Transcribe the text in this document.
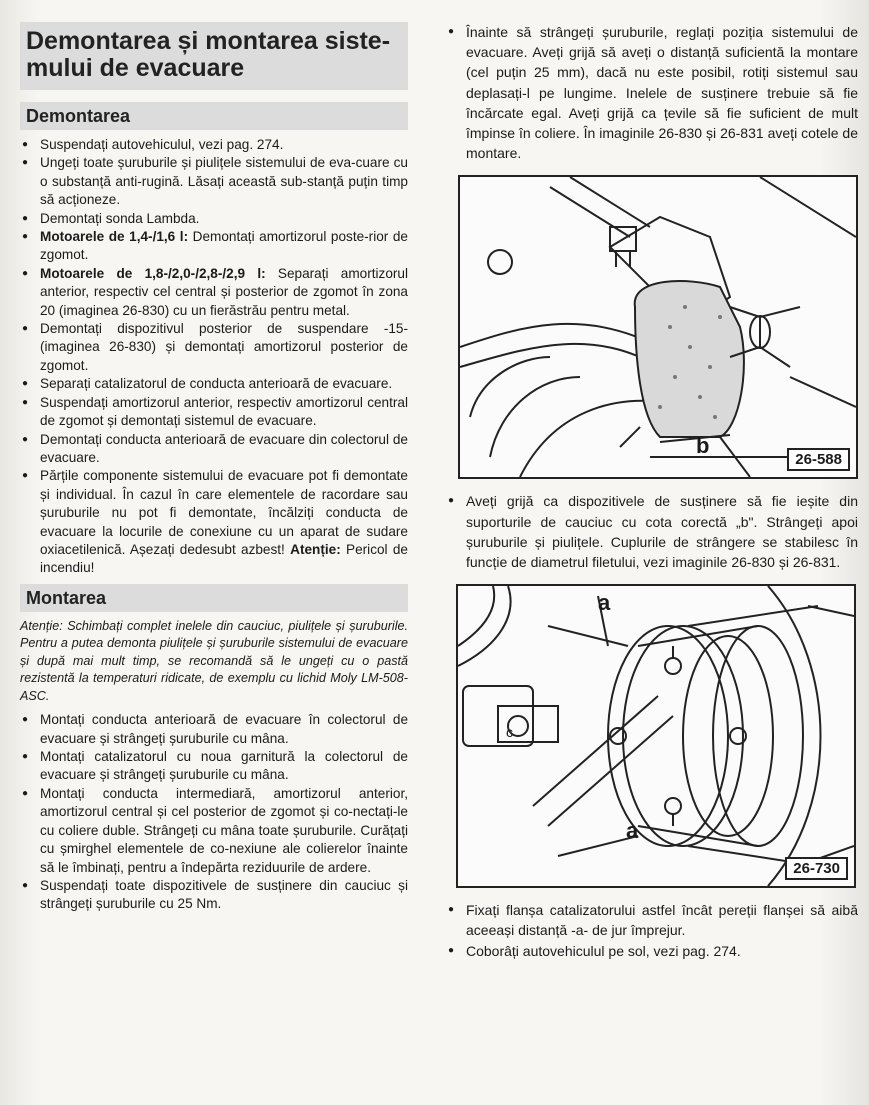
Demontarea și montarea siste-mului de evacuare
Demontarea
● Suspendați autovehiculul, vezi pag. 274.
● Ungeți toate șuruburile și piulițele sistemului de eva-cuare cu o substanță anti-rugină. Lăsați această sub-stanță puțin timp să acționeze.
● Demontați sonda Lambda.
● Motoarele de 1,4-/1,6 l: Demontați amortizorul poste-rior de zgomot.
● Motoarele de 1,8-/2,0-/2,8-/2,9 l: Separați amortizorul anterior, respectiv cel central și posterior de zgomot în zona 20 (imaginea 26-830) cu un fierăstrău pentru metal.
● Demontați dispozitivul posterior de suspendare -15- (imaginea 26-830) și demontați amortizorul posterior de zgomot.
● Separați catalizatorul de conducta anterioară de evacuare.
● Suspendați amortizorul anterior, respectiv amortizorul central de zgomot și demontați sistemul de evacuare.
● Demontați conducta anterioară de evacuare din colectorul de evacuare.
● Părțile componente sistemului de evacuare pot fi demontate și individual. În cazul în care elementele de racordare sau șuruburile nu pot fi demontate, încălziți conducta de evacuare la locurile de conexiune cu un aparat de sudare oxiacetilenică. Așezați dedesubt azbest! Atenție: Pericol de incendiu!
Montarea

Atenție: Schimbați complet inelele din cauciuc, piulițele și șuruburile. Pentru a putea demonta piulițele și șuruburile sistemului de evacuare și după mai mult timp, se recomandă să le ungeți cu o pastă rezistentă la temperaturi ridicate, de exemplu cu lichid Moly LM-508-ASC.

● Montați conducta anterioară de evacuare în colectorul de evacuare și strângeți șuruburile cu mâna.
● Montați catalizatorul cu noua garnitură la colectorul de evacuare și strângeți șuruburile cu mâna.
● Montați conducta intermediară, amortizorul anterior, amortizorul central și cel posterior de zgomot și co-nectați-le cu coliere duble. Strângeți cu mâna toate șuruburile. Curățați cu șmirghel elementele de co-nexiune ale colierelor înainte să le îmbinați, pentru a îndepărta reziduurile de ardere.
● Suspendați toate dispozitivele de susținere din cauciuc și strângeți șuruburile cu 25 Nm.
● Înainte să strângeți șuruburile, reglați poziția sistemului de evacuare. Aveți grijă să aveți o distanță suficientă la montare (cel puțin 25 mm), dacă nu este posibil, rotiți sistemul sau deplasați-l pe lungime. Inelele de susținere trebuie să fie încărcate egal. Aveți grijă ca țevile să fie suficient de mult împinse în coliere. În imaginile 26-830 și 26-831 aveți cotele de montare.
b
26-588
● Aveți grijă ca dispozitivele de susținere să fie ieșite din suporturile de cauciuc cu cota corectă „b". Strângeți apoi șuruburile și piulițele. Cuplurile de strângere se stabilesc în funcție de diametrul filetului, vezi imaginile 26-830 și 26-831.
a
a
c
26-730
● Fixați flanșa catalizatorului astfel încât pereții flanșei să aibă aceeași distanță -a- de jur împrejur.
● Coborâți autovehiculul pe sol, vezi pag. 274.
